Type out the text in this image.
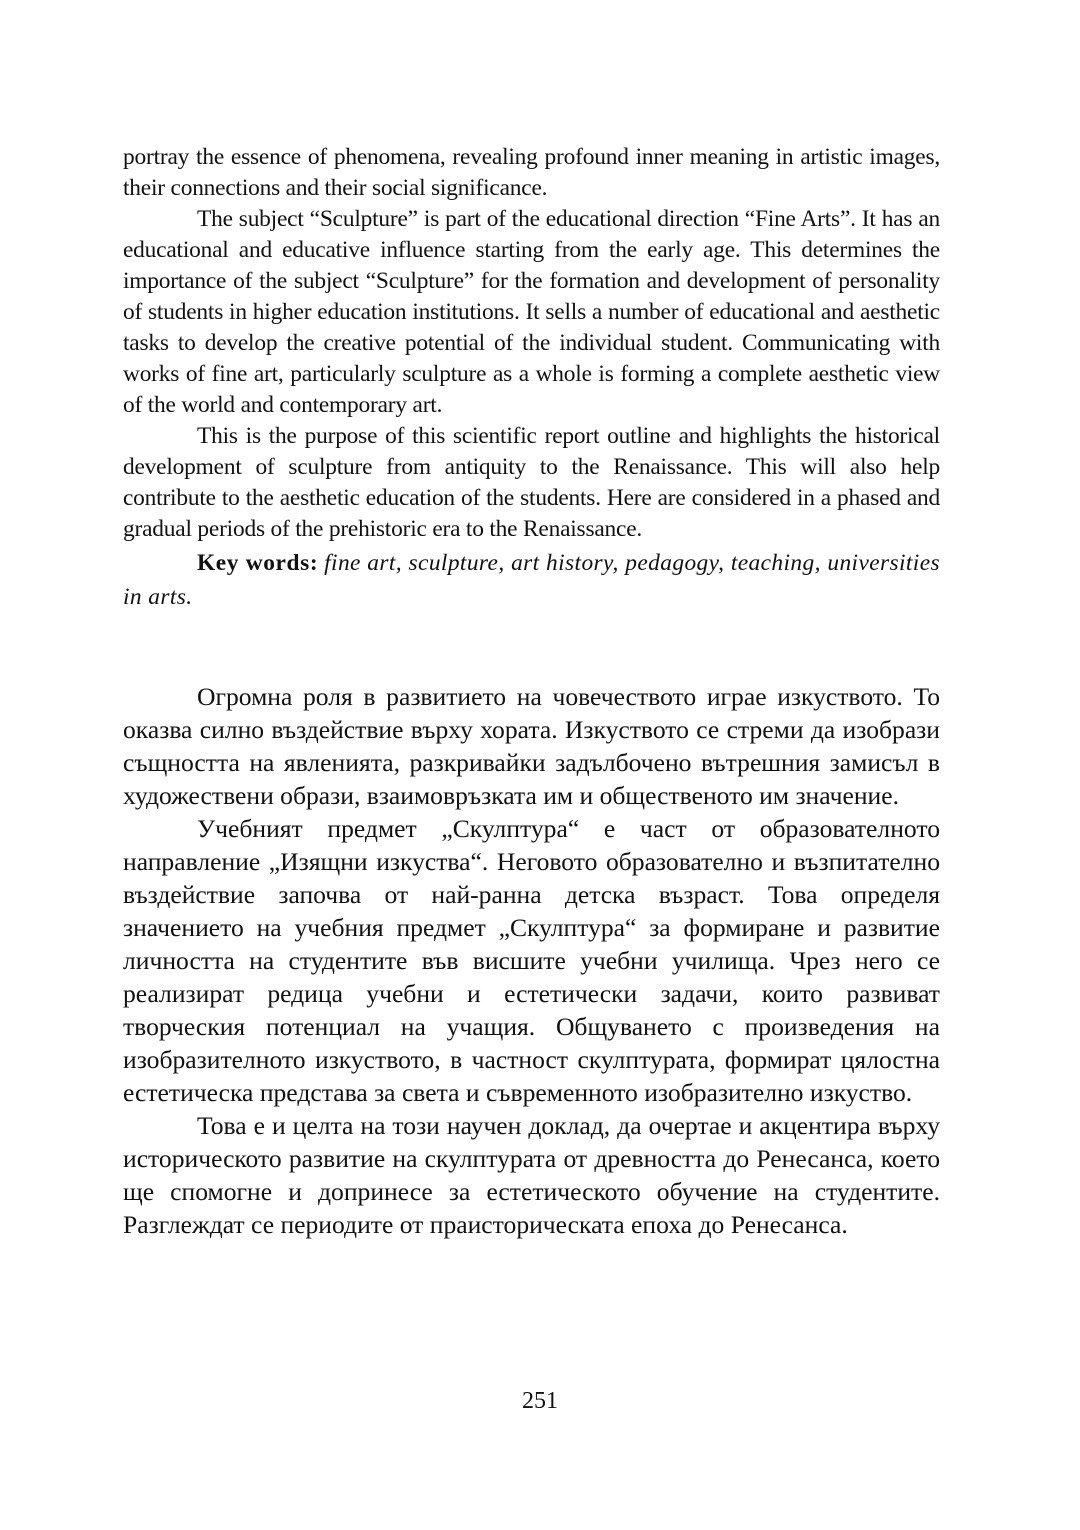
portray the essence of phenomena, revealing profound inner meaning in artistic images, their connections and their social significance.

The subject “Sculpture” is part of the educational direction “Fine Arts”. It has an educational and educative influence starting from the early age. This determines the importance of the subject “Sculpture” for the formation and development of personality of students in higher education institutions. It sells a number of educational and aesthetic tasks to develop the creative potential of the individual student. Communicating with works of fine art, particularly sculpture as a whole is forming a complete aesthetic view of the world and contemporary art.

This is the purpose of this scientific report outline and highlights the historical development of sculpture from antiquity to the Renaissance. This will also help contribute to the aesthetic education of the students. Here are considered in a phased and gradual periods of the prehistoric era to the Renaissance.

Key words: fine art, sculpture, art history, pedagogy, teaching, universities in arts.

Огромна роля в развитието на човечеството играе изкуството. То оказва силно въздействие върху хората. Изкуството се стреми да изобрази същността на явленията, разкривайки задълбочено вътрешния замисъл в художествени образи, взаимовръзката им и общественото им значение.

Учебният предмет „Скулптура“ е част от образователното направление „Изящни изкуства“. Неговото образователно и възпитателно въздействие започва от най-ранна детска възраст. Това определя значението на учебния предмет „Скулптура“ за формиране и развитие личността на студентите във висшите учебни училища. Чрез него се реализират редица учебни и естетически задачи, които развиват творческия потенциал на учащия. Общуването с произведения на изобразителното изкуството, в частност скулптурата, формират цялостна естетическа представа за света и съвременното изобразително изкуство.

Това е и целта на този научен доклад, да очертае и акцентира върху историческото развитие на скулптурата от древността до Ренесанса, което ще спомогне и допринесе за естетическото обучение на студентите. Разглеждат се периодите от праисторическата епоха до Ренесанса.

251
